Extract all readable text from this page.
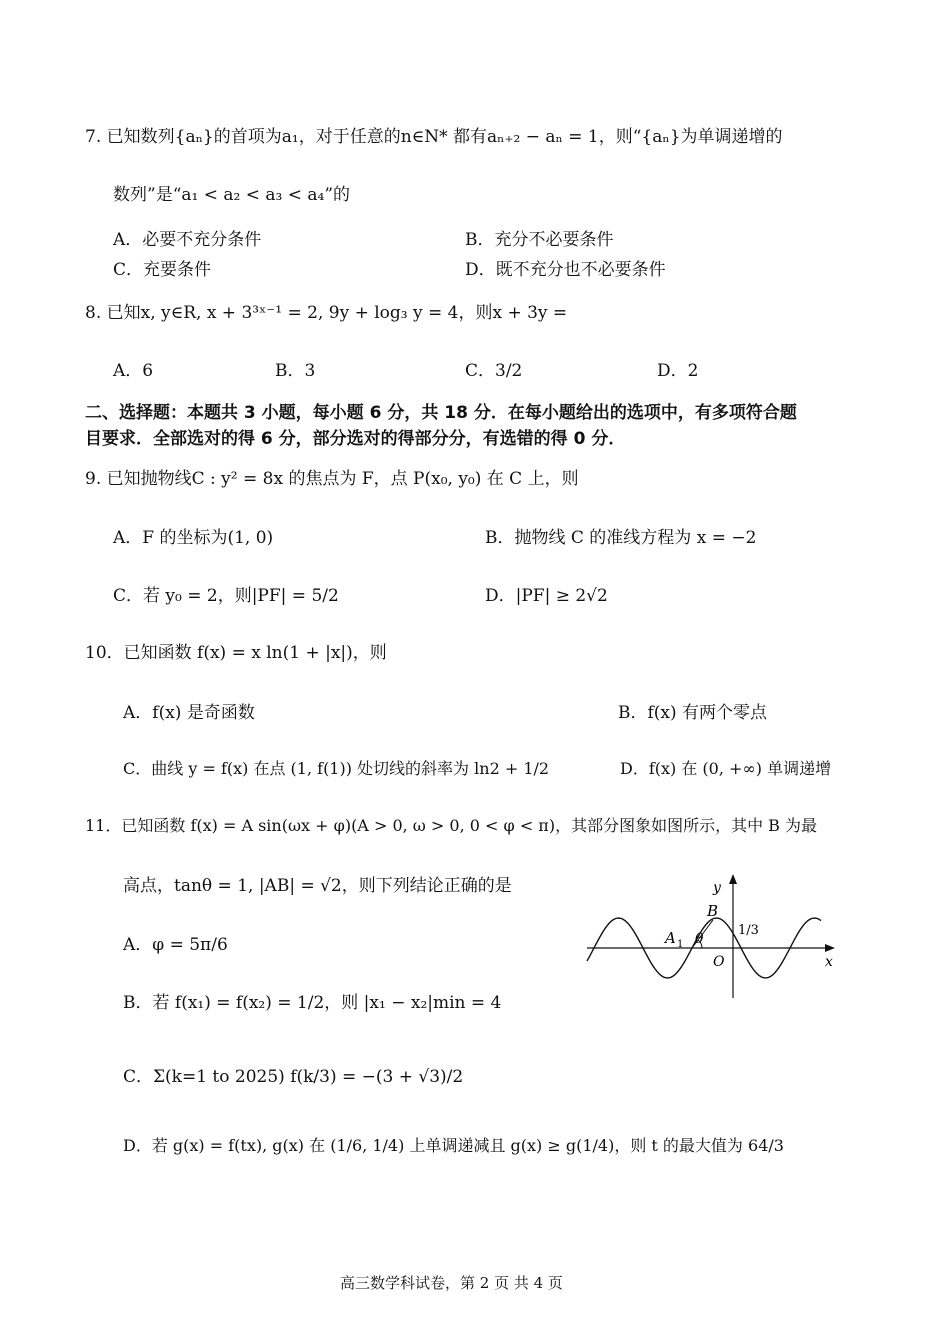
7. 已知数列{aₙ}的首项为a₁，对于任意的n∈N* 都有aₙ₊₂ − aₙ = 1，则“{aₙ}为单调递增的
数列”是“a₁ < a₂ < a₃ < a₄”的
A．必要不充分条件	B．充分不必要条件
C．充要条件	D．既不充分也不必要条件
8. 已知x, y∈R, x + 3³ˣ⁻¹ = 2, 9y + log₃ y = 4，则x + 3y =
A．6	B．3	C．3/2	D．2
二、选择题：本题共 3 小题，每小题 6 分，共 18 分．在每小题给出的选项中，有多项符合题
目要求．全部选对的得 6 分，部分选对的得部分分，有选错的得 0 分．
9. 已知抛物线C : y² = 8x 的焦点为 F，点 P(x₀, y₀) 在 C 上，则
A．F 的坐标为(1, 0)	B．抛物线 C 的准线方程为 x = −2
C．若 y₀ = 2，则|PF| = 5/2	D．|PF| ≥ 2√2
10．已知函数 f(x) = x ln(1 + |x|)，则
A．f(x) 是奇函数	B．f(x) 有两个零点
C．曲线 y = f(x) 在点 (1, f(1)) 处切线的斜率为 ln2 + 1/2	D．f(x) 在 (0, +∞) 单调递增
11．已知函数 f(x) = A sin(ωx + φ)(A > 0, ω > 0, 0 < φ < π)，其部分图象如图所示，其中 B 为最
高点，tanθ = 1, |AB| = √2，则下列结论正确的是
A．φ = 5π/6
B．若 f(x₁) = f(x₂) = 1/2，则 |x₁ − x₂|min = 4
C．Σ(k=1 to 2025) f(k/3) = −(3 + √3)/2
D．若 g(x) = f(tx), g(x) 在 (1/6, 1/4) 上单调递减且 g(x) ≥ g(1/4)，则 t 的最大值为 64/3
y
x
B
A 1 θ
O
1/3
高三数学科试卷，第 2 页 共 4 页
